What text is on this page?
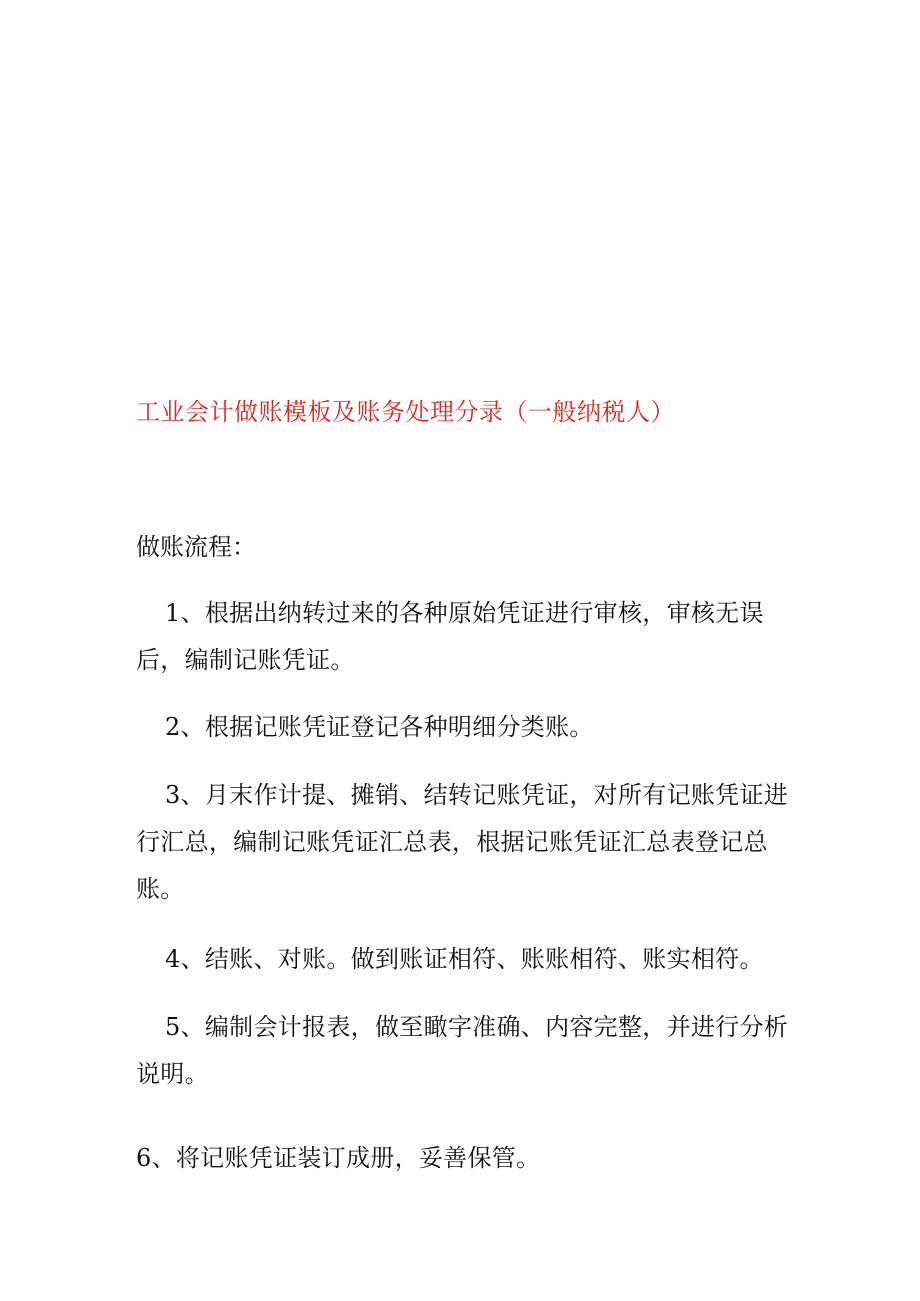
工业会计做账模板及账务处理分录（一般纳税人）
做账流程：
1、根据出纳转过来的各种原始凭证进行审核，审核无误后，编制记账凭证。
2、根据记账凭证登记各种明细分类账。
3、月末作计提、摊销、结转记账凭证，对所有记账凭证进行汇总，编制记账凭证汇总表，根据记账凭证汇总表登记总账。
4、结账、对账。做到账证相符、账账相符、账实相符。
5、编制会计报表，做至瞰字准确、内容完整，并进行分析说明。
6、将记账凭证装订成册，妥善保管。
